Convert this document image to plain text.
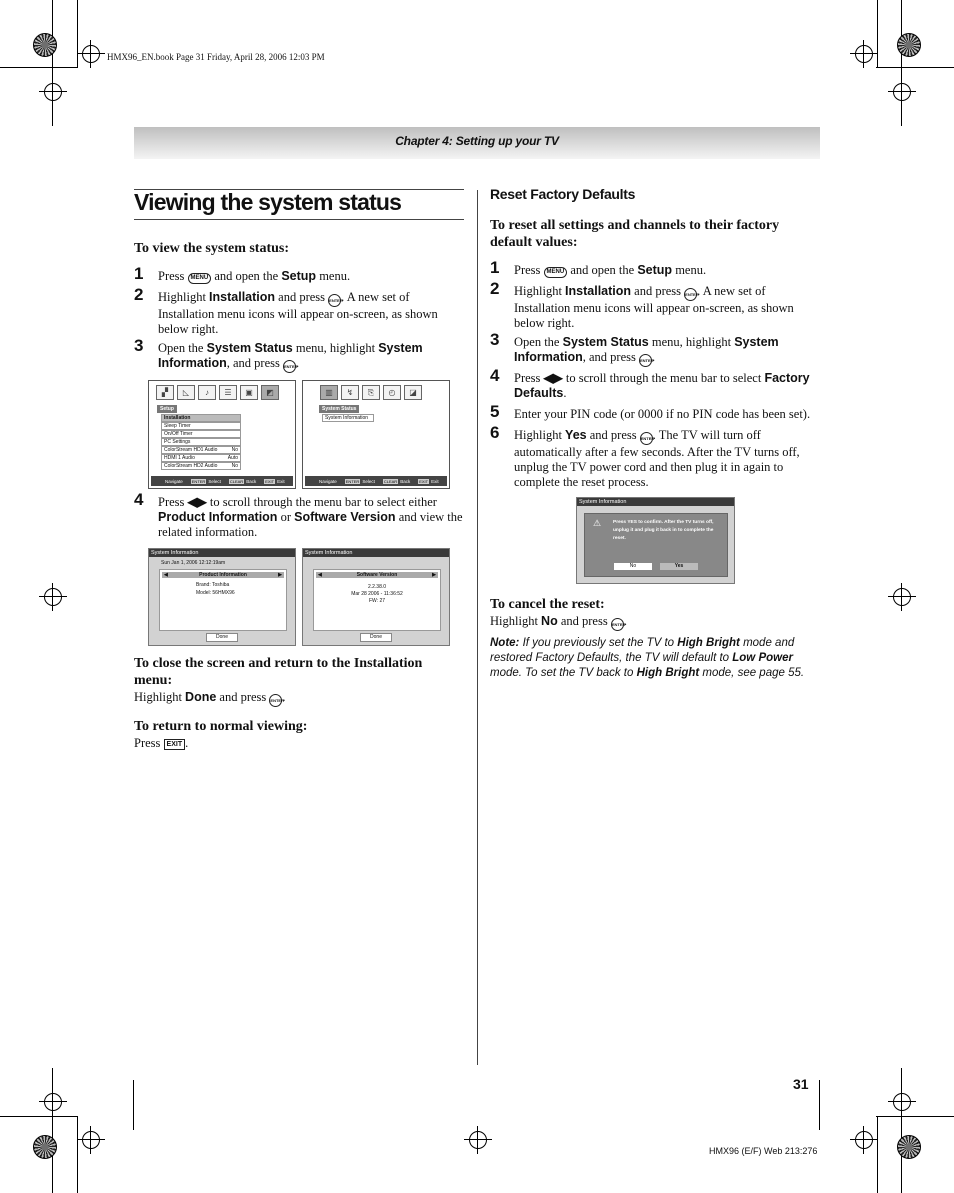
HMX96_EN.book Page 31 Friday, April 28, 2006 12:03 PM
Chapter 4: Setting up your TV
Viewing the system status
To view the system status:
1 Press MENU and open the Setup menu.
2 Highlight Installation and press ENTER. A new set of Installation menu icons will appear on-screen, as shown below right.
3 Open the System Status menu, highlight System Information, and press ENTER.
▞	◺	♪	☰	▣	◩
Setup
Installation
Sleep Timer
On/Off Timer
PC Settings
ColorStream HD1 Audio	No
HDMI 1 Audio	Auto
ColorStream HD2 Audio	No
Navigate ENTER Select CLEAR Back EXIT Exit
▥	↯	⎘	◴	◪
System Status
System Information
Navigate ENTER Select CLEAR Back EXIT Exit
4 Press ◀▶ to scroll through the menu bar to select either Product Information or Software Version and view the related information.
System Information
Sun Jan 1, 2006 12:12:19am
◀	Product Information	▶
Brand: Toshiba
Model: 56HMX96
Done
System Information
◀	Software Version	▶
2.2.38.0
Mar 28 2006 - 11:36:52
FW: 27
Done
To close the screen and return to the Installation menu:
Highlight Done and press ENTER.
To return to normal viewing:
Press EXIT .
Reset Factory Defaults
To reset all settings and channels to their factory default values:
1 Press MENU and open the Setup menu.
2 Highlight Installation and press ENTER. A new set of Installation menu icons will appear on-screen, as shown below right.
3 Open the System Status menu, highlight System Information, and press ENTER.
4 Press ◀▶ to scroll through the menu bar to select Factory Defaults.
5 Enter your PIN code (or 0000 if no PIN code has been set).
6 Highlight Yes and press ENTER. The TV will turn off automatically after a few seconds. After the TV turns off, unplug the TV power cord and then plug it in again to complete the reset process.
System Information
⚠ Press YES to confirm. After the TV turns off, unplug it and plug it back in to complete the reset.
No	Yes
To cancel the reset:
Highlight No and press ENTER.
Note: If you previously set the TV to High Bright mode and restored Factory Defaults, the TV will default to Low Power mode. To set the TV back to High Bright mode, see page 55.
31
HMX96 (E/F) Web 213:276
